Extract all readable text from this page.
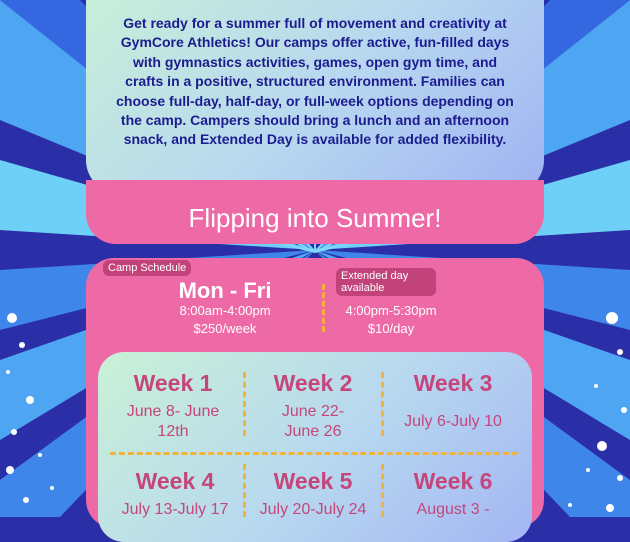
Get ready for a summer full of movement and creativity at GymCore Athletics! Our camps offer active, fun-filled days with gymnastics activities, games, open gym time, and crafts in a positive, structured environment. Families can choose full-day, half-day, or full-week options depending on the camp. Campers should bring a lunch and an afternoon snack, and Extended Day is available for added flexibility.

Flipping into Summer!
Camp Schedule
Extended day available
Mon - Fri
8:00am-4:00pm
$250/week
4:00pm-5:30pm
$10/day
Week 1
June 8- June 12th
Week 2
June 22- June 26
Week 3
July 6-July 10
Week 4
July 13-July 17
Week 5
July 20-July 24
Week 6
August 3 -
